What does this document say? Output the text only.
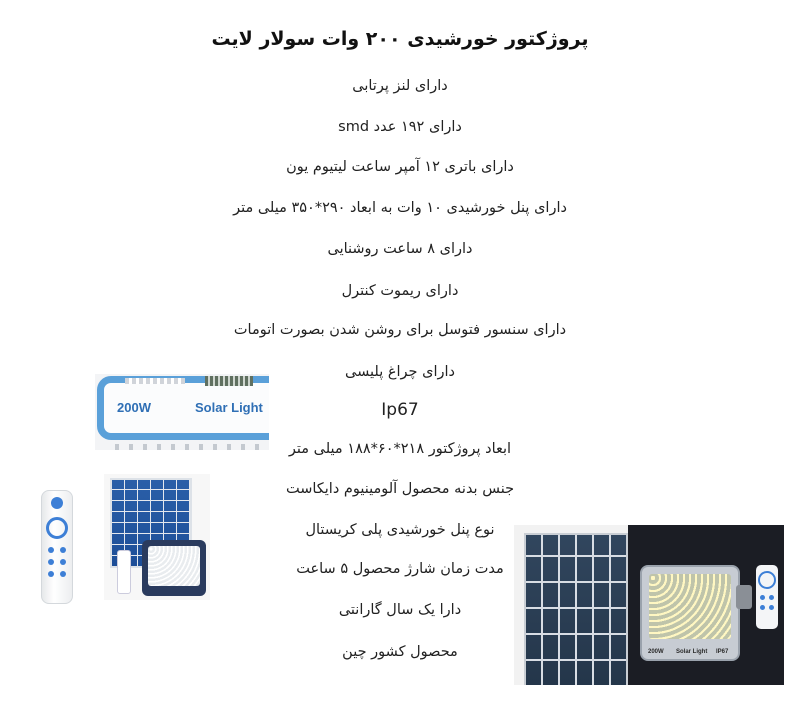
پروژکتور خورشیدی ۲۰۰ وات سولار لایت
دارای لنز پرتابی
دارای ۱۹۲ عدد smd
دارای باتری ۱۲ آمپر ساعت لیتیوم یون
دارای پنل خورشیدی ۱۰ وات به ابعاد ۲۹۰*۳۵۰ میلی متر
دارای ۸ ساعت روشنایی
دارای ریموت کنترل
دارای سنسور فتوسل برای روشن شدن بصورت اتومات
دارای چراغ پلیسی
Ip67
ابعاد پروژکتور ۲۱۸*۶۰*۱۸۸ میلی متر
جنس بدنه محصول آلومینیوم دایکاست
نوع پنل خورشیدی پلی کریستال
مدت زمان شارژ محصول ۵ ساعت
دارا یک سال گارانتی
محصول کشور چین
200W	Solar Light
200W Solar Light IP67
